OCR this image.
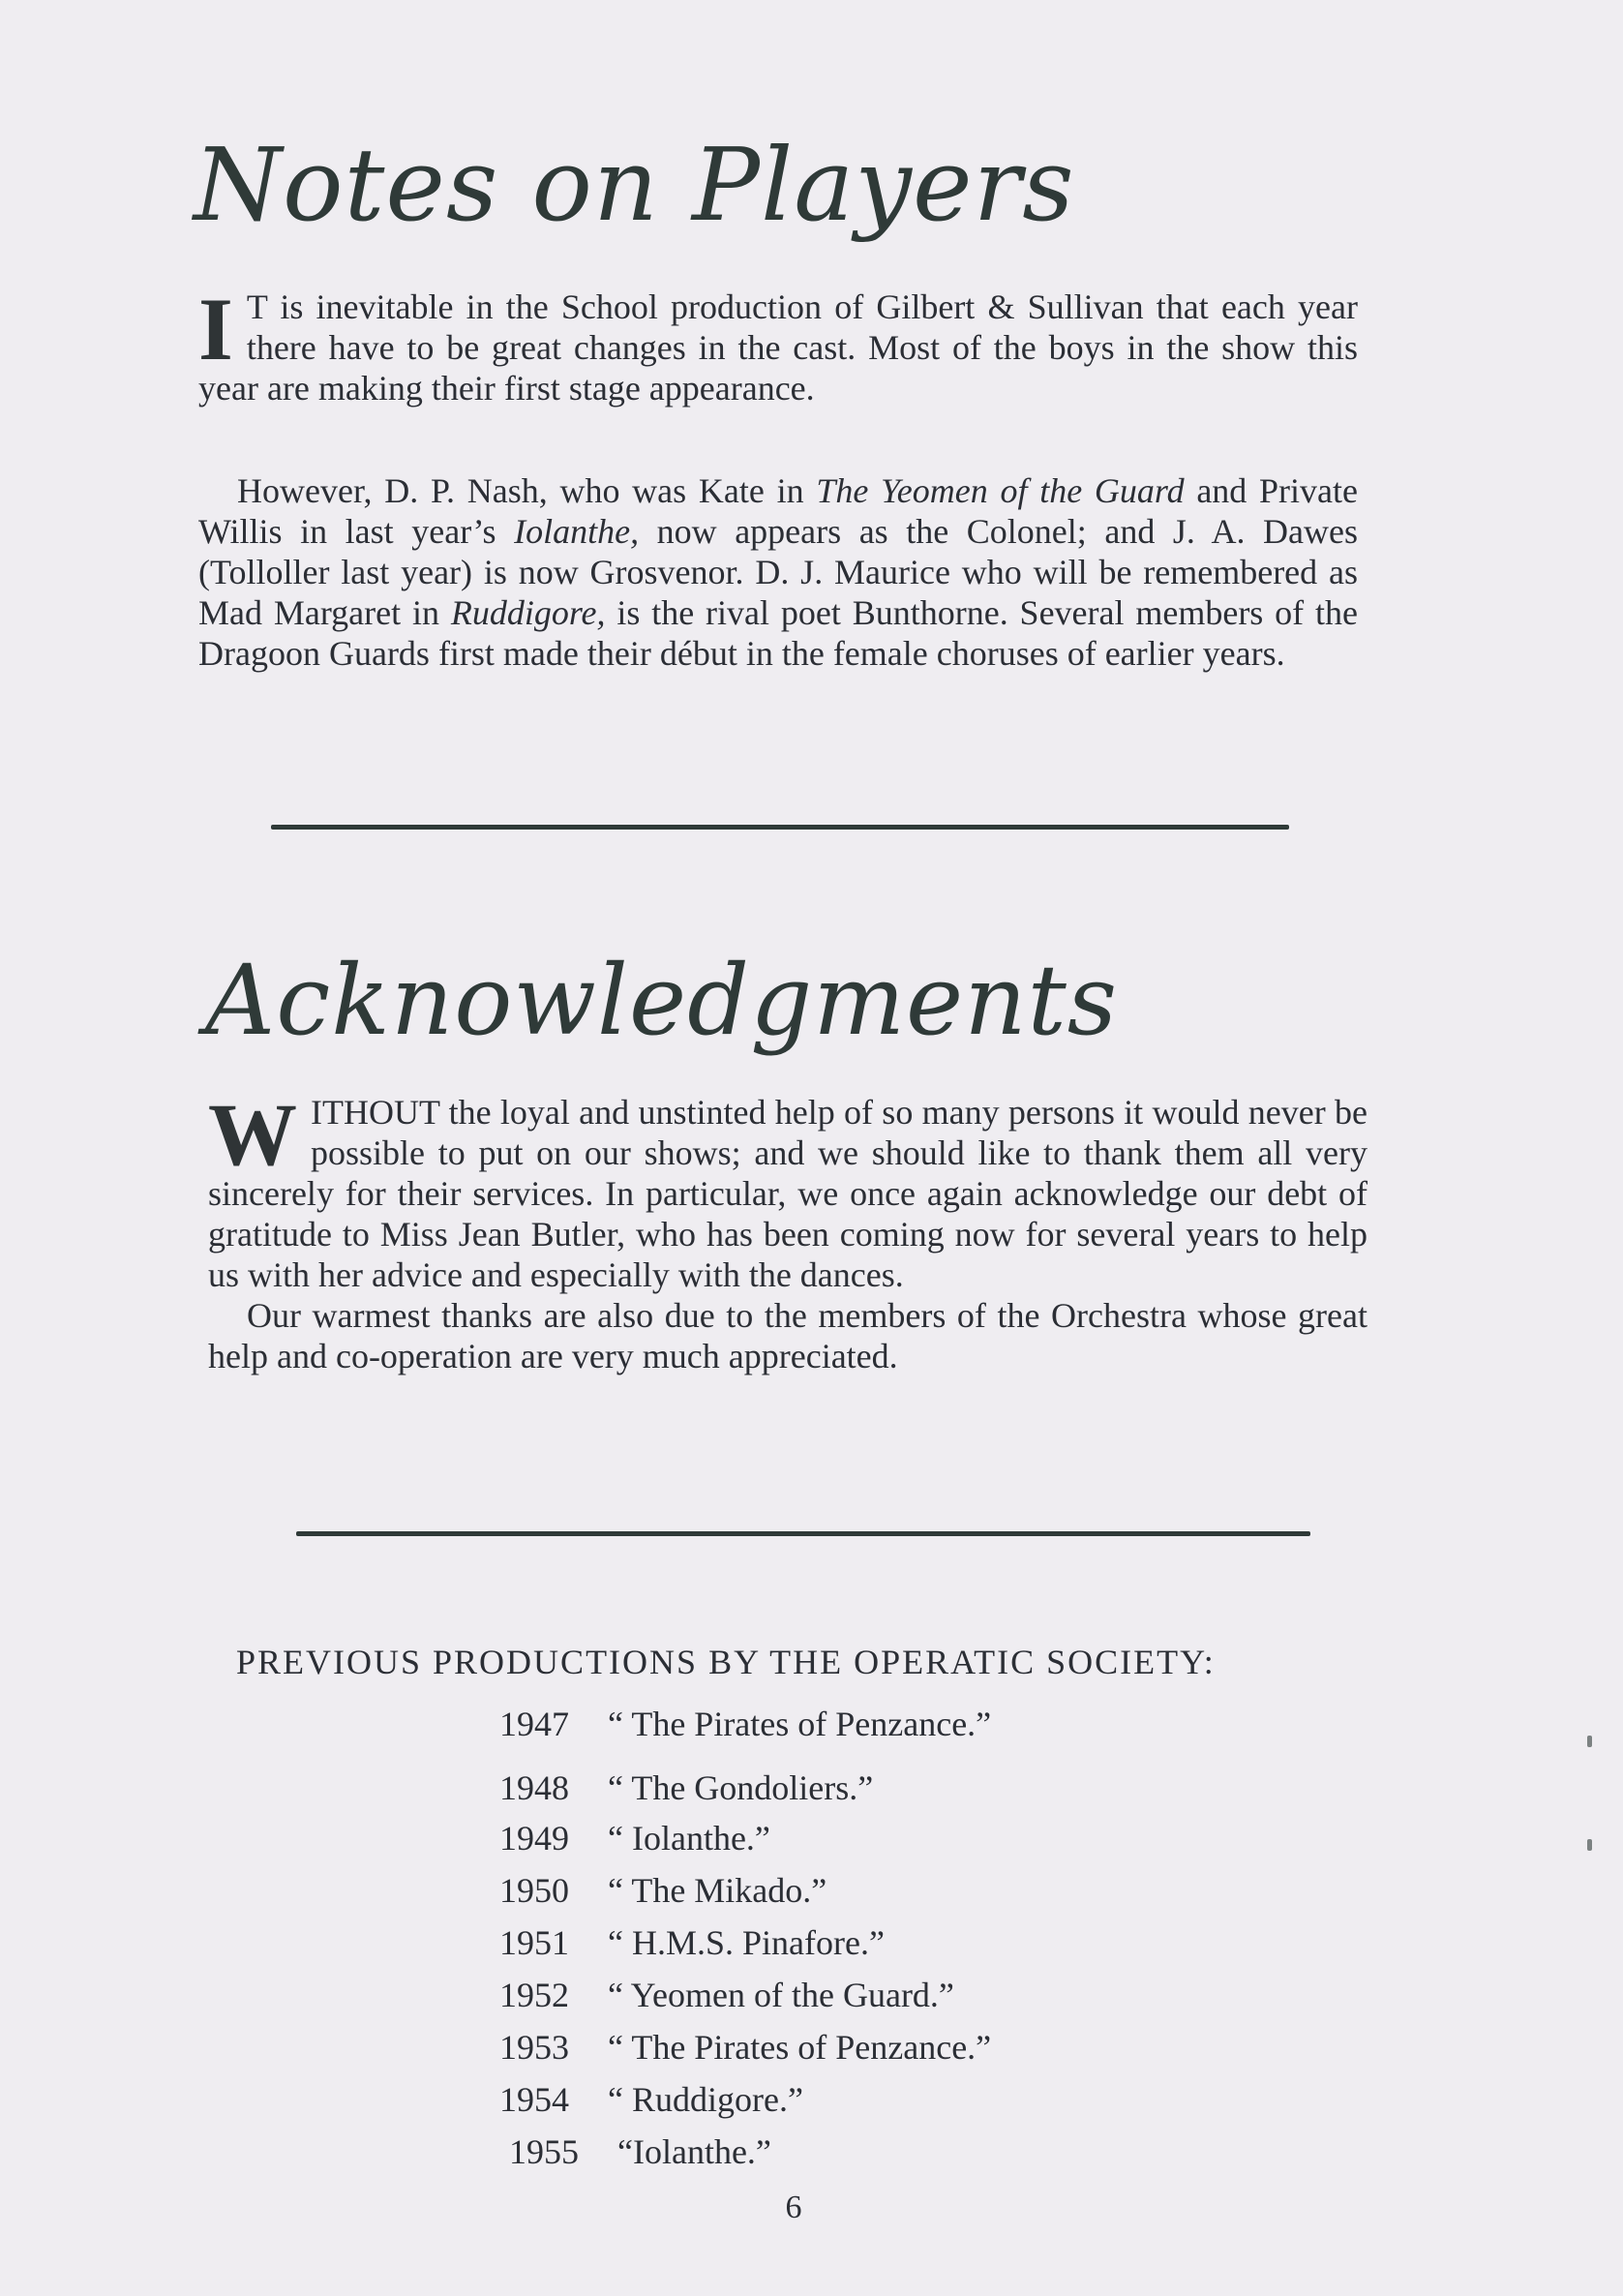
Notes on Players

I T is inevitable in the School production of Gilbert & Sullivan that each year there have to be great changes in the cast. Most of the boys in the show this year are making their first stage appearance.

However, D. P. Nash, who was Kate in The Yeomen of the Guard and Private Willis in last year’s Iolanthe, now appears as the Colonel; and J. A. Dawes (Tolloller last year) is now Grosvenor. D. J. Maurice who will be remembered as Mad Margaret in Ruddigore, is the rival poet Bunthorne. Several members of the Dragoon Guards first made their début in the female choruses of earlier years.

Acknowledgments

WITHOUT the loyal and unstinted help of so many persons it would never be possible to put on our shows; and we should like to thank them all very sincerely for their services. In particular, we once again acknowledge our debt of gratitude to Miss Jean Butler, who has been coming now for several years to help us with her advice and especially with the dances.
Our warmest thanks are also due to the members of the Orchestra whose great help and co-operation are very much appreciated.

PREVIOUS PRODUCTIONS BY THE OPERATIC SOCIETY:

1947 “ The Pirates of Penzance.”
1948 “ The Gondoliers.”
1949 “ Iolanthe.”
1950 “ The Mikado.”
1951 “ H.M.S. Pinafore.”
1952 “ Yeomen of the Guard.”
1953 “ The Pirates of Penzance.”
1954 “ Ruddigore.”
1955 “Iolanthe.”
6
